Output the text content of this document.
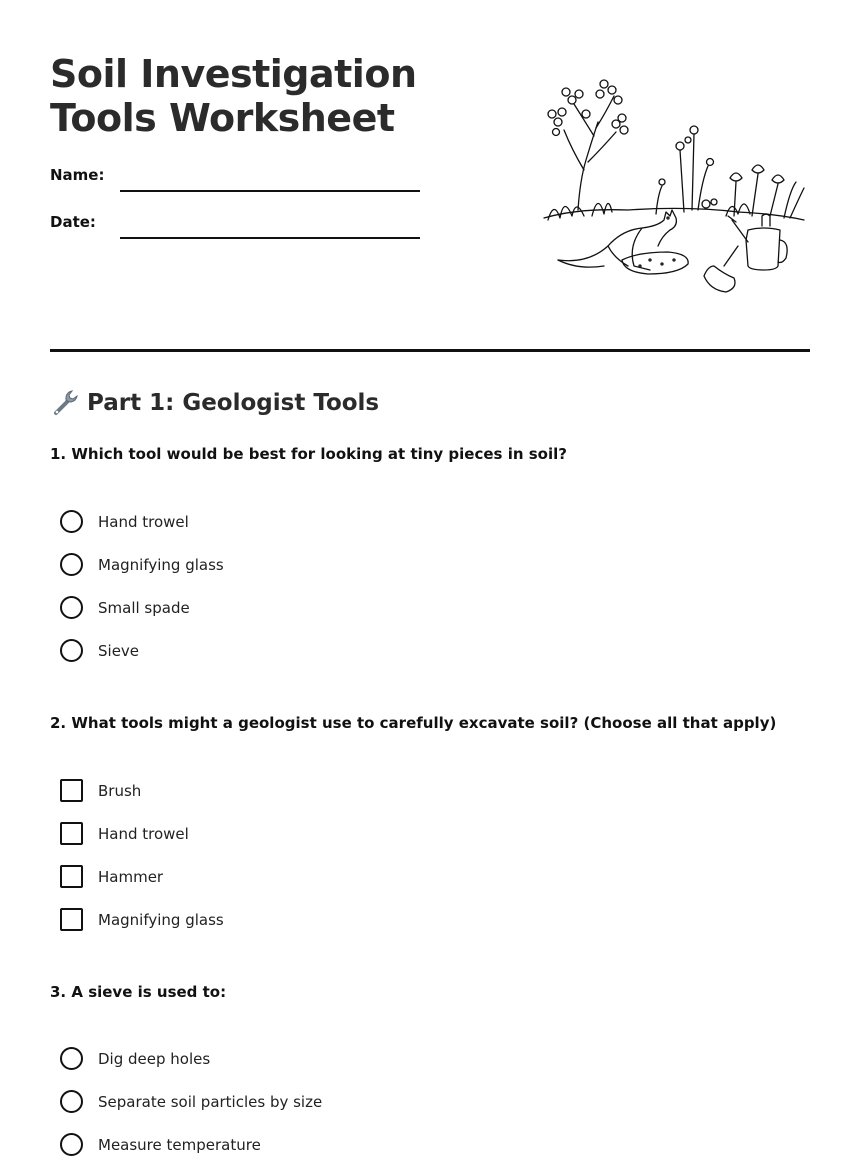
Soil Investigation Tools Worksheet
Name:
Date:
Part 1: Geologist Tools
1. Which tool would be best for looking at tiny pieces in soil?
Hand trowel
Magnifying glass
Small spade
Sieve
2. What tools might a geologist use to carefully excavate soil? (Choose all that apply)
Brush
Hand trowel
Hammer
Magnifying glass
3. A sieve is used to:
Dig deep holes
Separate soil particles by size
Measure temperature
